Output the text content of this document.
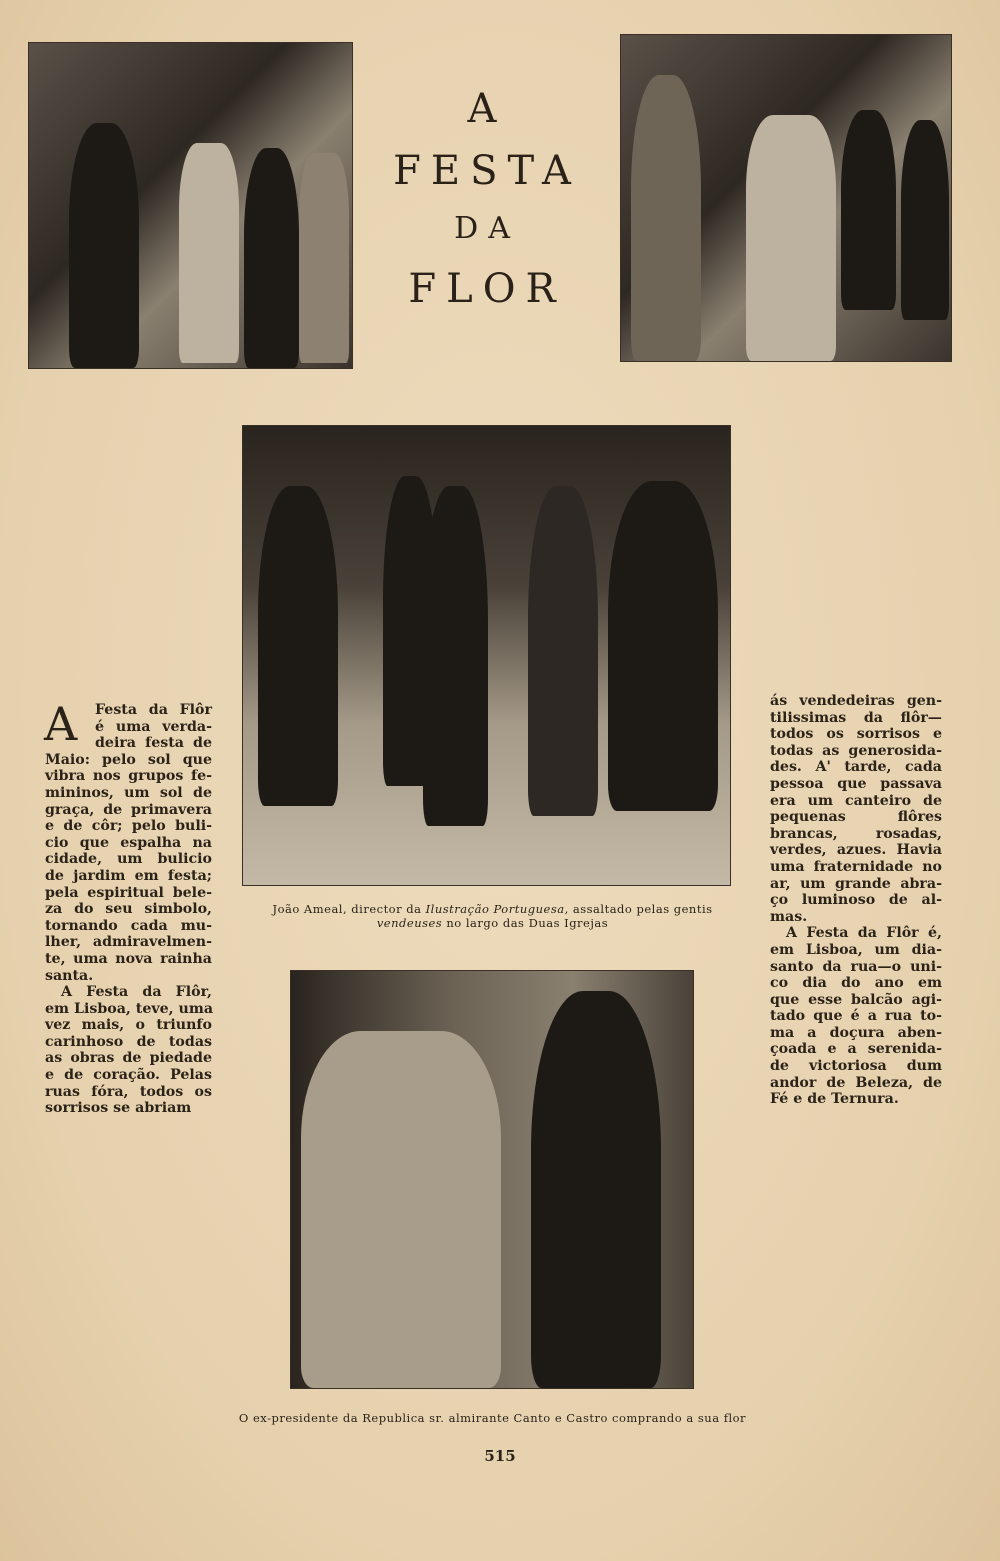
A
FESTA
DA
FLOR
A Festa da Flôr
é uma verda-
deira festa de
Maio: pelo sol que
vibra nos grupos fe-
mininos, um sol de
graça, de primavera
e de côr; pelo buli-
cio que espalha na
cidade, um bulicio
de jardim em festa;
pela espiritual bele-
za do seu simbolo,
tornando cada mu-
lher, admiravelmen-
te, uma nova rainha
santa.
A Festa da Flôr,
em Lisboa, teve, uma
vez mais, o triunfo
carinhoso de todas
as obras de piedade
e de coração. Pelas
ruas fóra, todos os
sorrisos se abriam
ás vendedeiras gen-
tilissimas da flôr—
todos os sorrisos e
todas as generosida-
des. A' tarde, cada
pessoa que passava
era um canteiro de
pequenas flôres
brancas, rosadas,
verdes, azues. Havia
uma fraternidade no
ar, um grande abra-
ço luminoso de al-
mas.
A Festa da Flôr é,
em Lisboa, um dia-
santo da rua—o uni-
co dia do ano em
que esse balcão agi-
tado que é a rua to-
ma a doçura aben-
çoada e a serenida-
de victoriosa dum
andor de Beleza, de
Fé e de Ternura.
João Ameal, director da Ilustração Portuguesa, assaltado pelas gentis
vendeuses no largo das Duas Igrejas
O ex-presidente da Republica sr. almirante Canto e Castro comprando a sua flor
515
